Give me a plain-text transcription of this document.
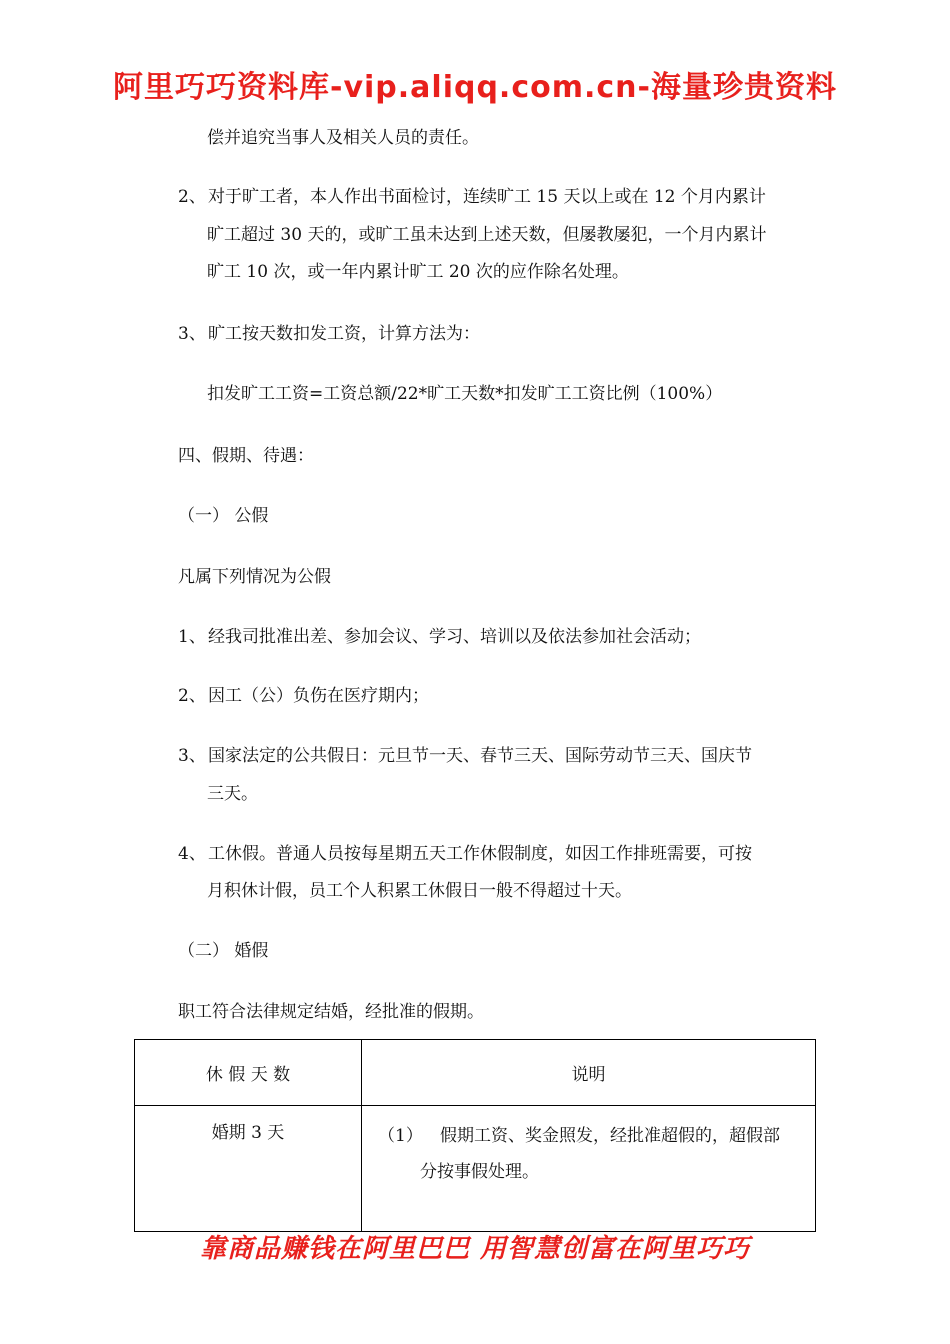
阿里巧巧资料库-vip.aliqq.com.cn-海量珍贵资料
偿并追究当事人及相关人员的责任。
2、 对于旷工者，本人作出书面检讨，连续旷工 15 天以上或在 12 个月内累计
旷工超过 30 天的，或旷工虽未达到上述天数，但屡教屡犯，一个月内累计
旷工 10 次，或一年内累计旷工 20 次的应作除名处理。
3、 旷工按天数扣发工资，计算方法为：
扣发旷工工资=工资总额/22*旷工天数*扣发旷工工资比例（100%）
四、假期、待遇：
（一） 公假
凡属下列情况为公假
1、 经我司批准出差、参加会议、学习、培训以及依法参加社会活动；
2、 因工（公）负伤在医疗期内；
3、 国家法定的公共假日：元旦节一天、春节三天、国际劳动节三天、国庆节
三天。
4、 工休假。普通人员按每星期五天工作休假制度，如因工作排班需要，可按
月积休计假，员工个人积累工休假日一般不得超过十天。
（二） 婚假
职工符合法律规定结婚，经批准的假期。
休 假 天 数	说明
婚期 3 天	（1） 假期工资、奖金照发，经批准超假的，超假部
分按事假处理。
靠商品赚钱在阿里巴巴 用智慧创富在阿里巧巧
